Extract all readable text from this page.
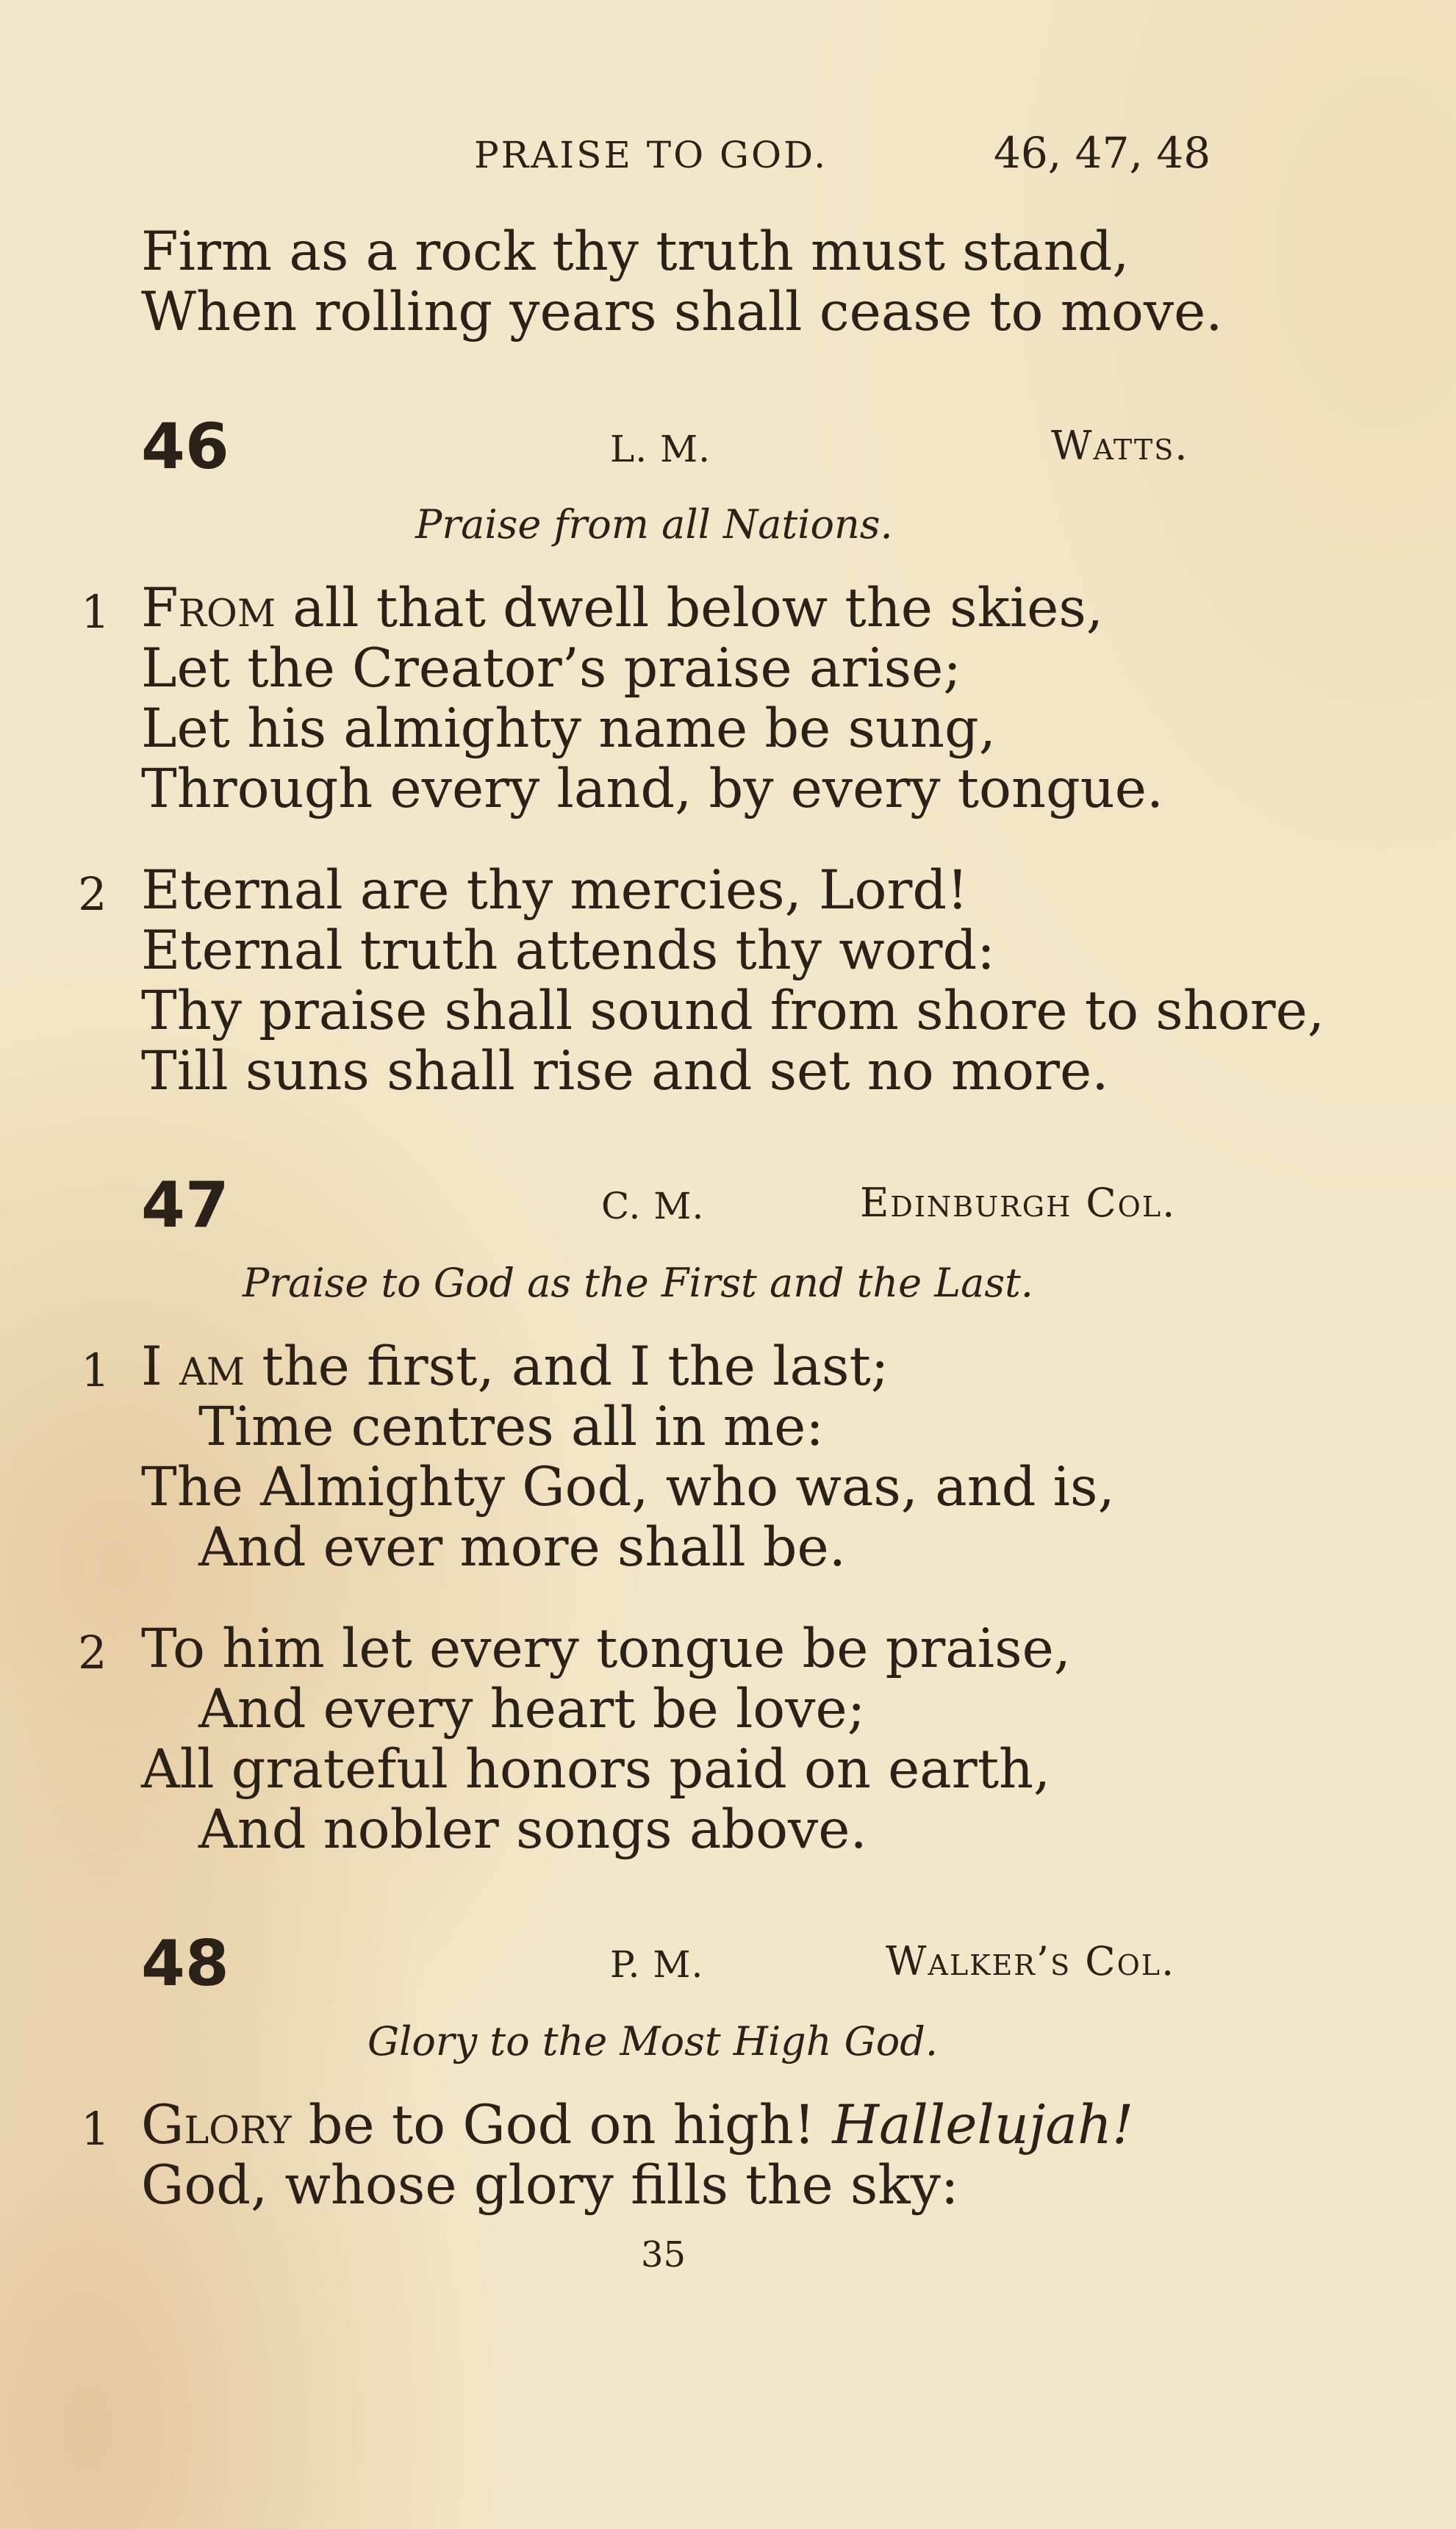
PRAISE TO GOD.	46, 47, 48
Firm as a rock thy truth must stand,
When rolling years shall cease to move.
46	L. M.	Watts.
Praise from all Nations.
1 From all that dwell below the skies,
Let the Creator’s praise arise;
Let his almighty name be sung,
Through every land, by every tongue.
2 Eternal are thy mercies, Lord!
Eternal truth attends thy word:
Thy praise shall sound from shore to shore,
Till suns shall rise and set no more.
47	C. M.	Edinburgh Col.
Praise to God as the First and the Last.
1 I am the first, and I the last;
Time centres all in me:
The Almighty God, who was, and is,
And ever more shall be.
2 To him let every tongue be praise,
And every heart be love;
All grateful honors paid on earth,
And nobler songs above.
48	P. M.	Walker’s Col.
Glory to the Most High God.
1 Glory be to God on high! Hallelujah!
God, whose glory fills the sky:
35
